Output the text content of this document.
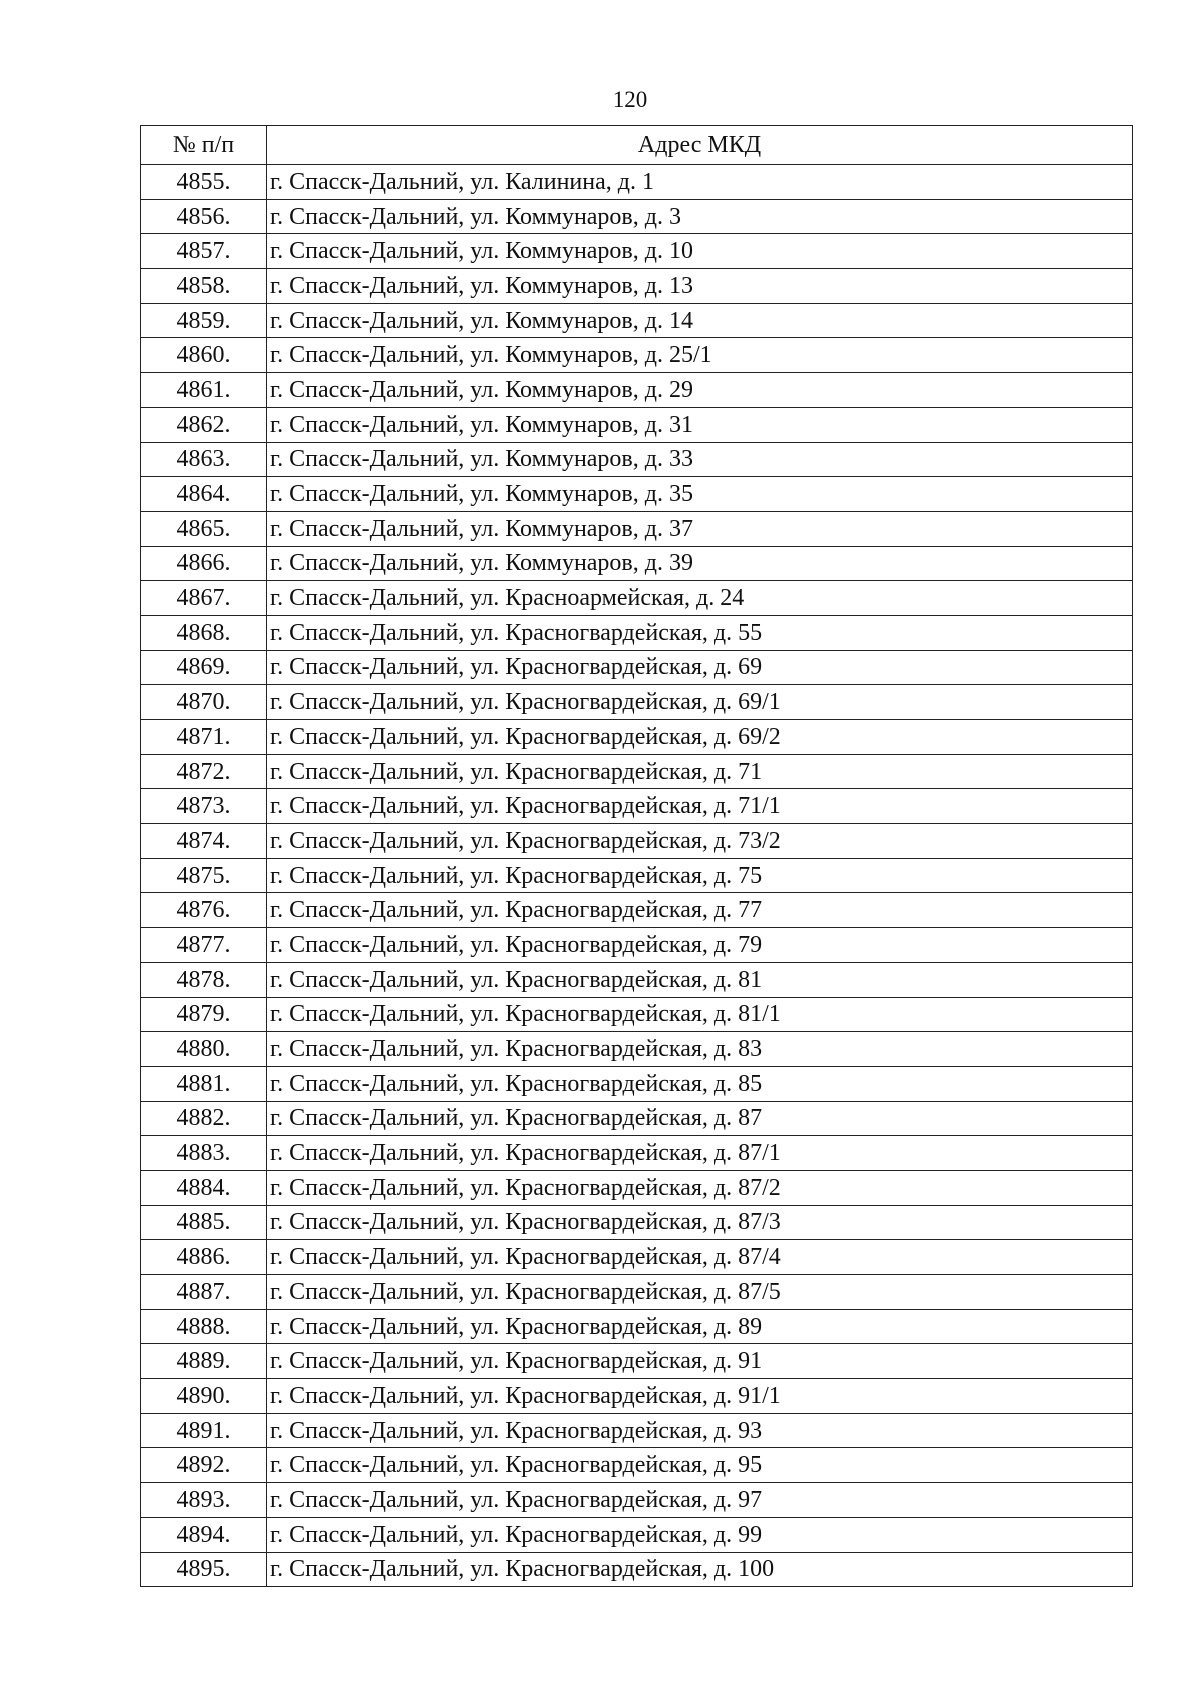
120
№ п/п	Адрес МКД
4855.	г. Спасск-Дальний, ул. Калинина, д. 1
4856.	г. Спасск-Дальний, ул. Коммунаров, д. 3
4857.	г. Спасск-Дальний, ул. Коммунаров, д. 10
4858.	г. Спасск-Дальний, ул. Коммунаров, д. 13
4859.	г. Спасск-Дальний, ул. Коммунаров, д. 14
4860.	г. Спасск-Дальний, ул. Коммунаров, д. 25/1
4861.	г. Спасск-Дальний, ул. Коммунаров, д. 29
4862.	г. Спасск-Дальний, ул. Коммунаров, д. 31
4863.	г. Спасск-Дальний, ул. Коммунаров, д. 33
4864.	г. Спасск-Дальний, ул. Коммунаров, д. 35
4865.	г. Спасск-Дальний, ул. Коммунаров, д. 37
4866.	г. Спасск-Дальний, ул. Коммунаров, д. 39
4867.	г. Спасск-Дальний, ул. Красноармейская, д. 24
4868.	г. Спасск-Дальний, ул. Красногвардейская, д. 55
4869.	г. Спасск-Дальний, ул. Красногвардейская, д. 69
4870.	г. Спасск-Дальний, ул. Красногвардейская, д. 69/1
4871.	г. Спасск-Дальний, ул. Красногвардейская, д. 69/2
4872.	г. Спасск-Дальний, ул. Красногвардейская, д. 71
4873.	г. Спасск-Дальний, ул. Красногвардейская, д. 71/1
4874.	г. Спасск-Дальний, ул. Красногвардейская, д. 73/2
4875.	г. Спасск-Дальний, ул. Красногвардейская, д. 75
4876.	г. Спасск-Дальний, ул. Красногвардейская, д. 77
4877.	г. Спасск-Дальний, ул. Красногвардейская, д. 79
4878.	г. Спасск-Дальний, ул. Красногвардейская, д. 81
4879.	г. Спасск-Дальний, ул. Красногвардейская, д. 81/1
4880.	г. Спасск-Дальний, ул. Красногвардейская, д. 83
4881.	г. Спасск-Дальний, ул. Красногвардейская, д. 85
4882.	г. Спасск-Дальний, ул. Красногвардейская, д. 87
4883.	г. Спасск-Дальний, ул. Красногвардейская, д. 87/1
4884.	г. Спасск-Дальний, ул. Красногвардейская, д. 87/2
4885.	г. Спасск-Дальний, ул. Красногвардейская, д. 87/3
4886.	г. Спасск-Дальний, ул. Красногвардейская, д. 87/4
4887.	г. Спасск-Дальний, ул. Красногвардейская, д. 87/5
4888.	г. Спасск-Дальний, ул. Красногвардейская, д. 89
4889.	г. Спасск-Дальний, ул. Красногвардейская, д. 91
4890.	г. Спасск-Дальний, ул. Красногвардейская, д. 91/1
4891.	г. Спасск-Дальний, ул. Красногвардейская, д. 93
4892.	г. Спасск-Дальний, ул. Красногвардейская, д. 95
4893.	г. Спасск-Дальний, ул. Красногвардейская, д. 97
4894.	г. Спасск-Дальний, ул. Красногвардейская, д. 99
4895.	г. Спасск-Дальний, ул. Красногвардейская, д. 100
